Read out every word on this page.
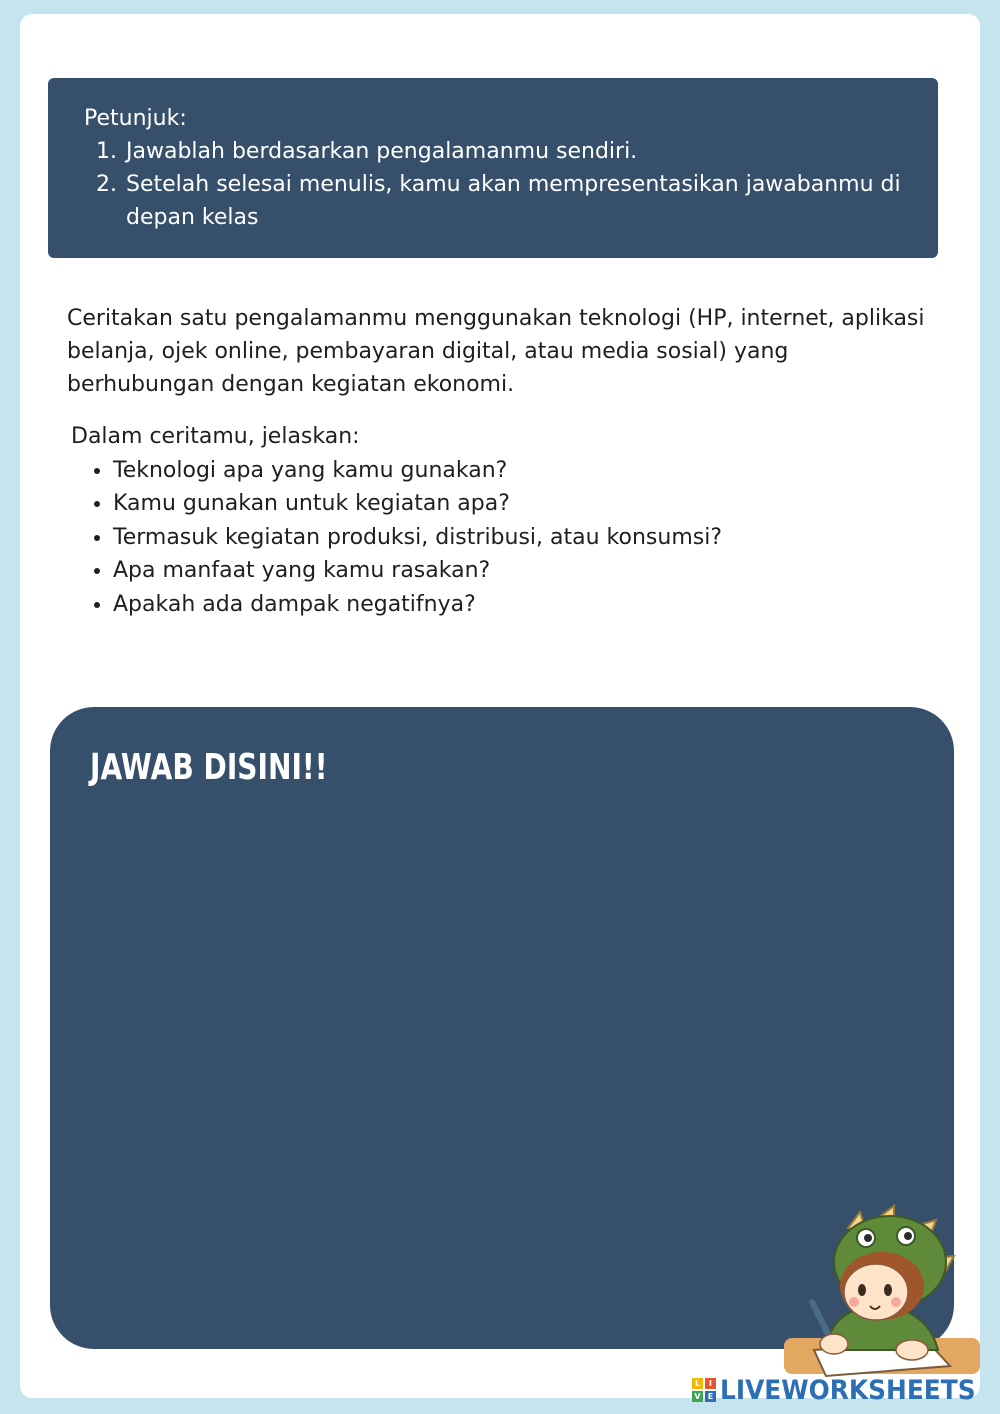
Petunjuk:
1. Jawablah berdasarkan pengalamanmu sendiri.
2. Setelah selesai menulis, kamu akan mempresentasikan jawabanmu di depan kelas

Ceritakan satu pengalamanmu menggunakan teknologi (HP, internet, aplikasi belanja, ojek online, pembayaran digital, atau media sosial) yang berhubungan dengan kegiatan ekonomi.

Dalam ceritamu, jelaskan:
• Teknologi apa yang kamu gunakan?
• Kamu gunakan untuk kegiatan apa?
• Termasuk kegiatan produksi, distribusi, atau konsumsi?
• Apa manfaat yang kamu rasakan?
• Apakah ada dampak negatifnya?
JAWAB DISINI!!
L	I
V E LIVEWORKSHEETS
